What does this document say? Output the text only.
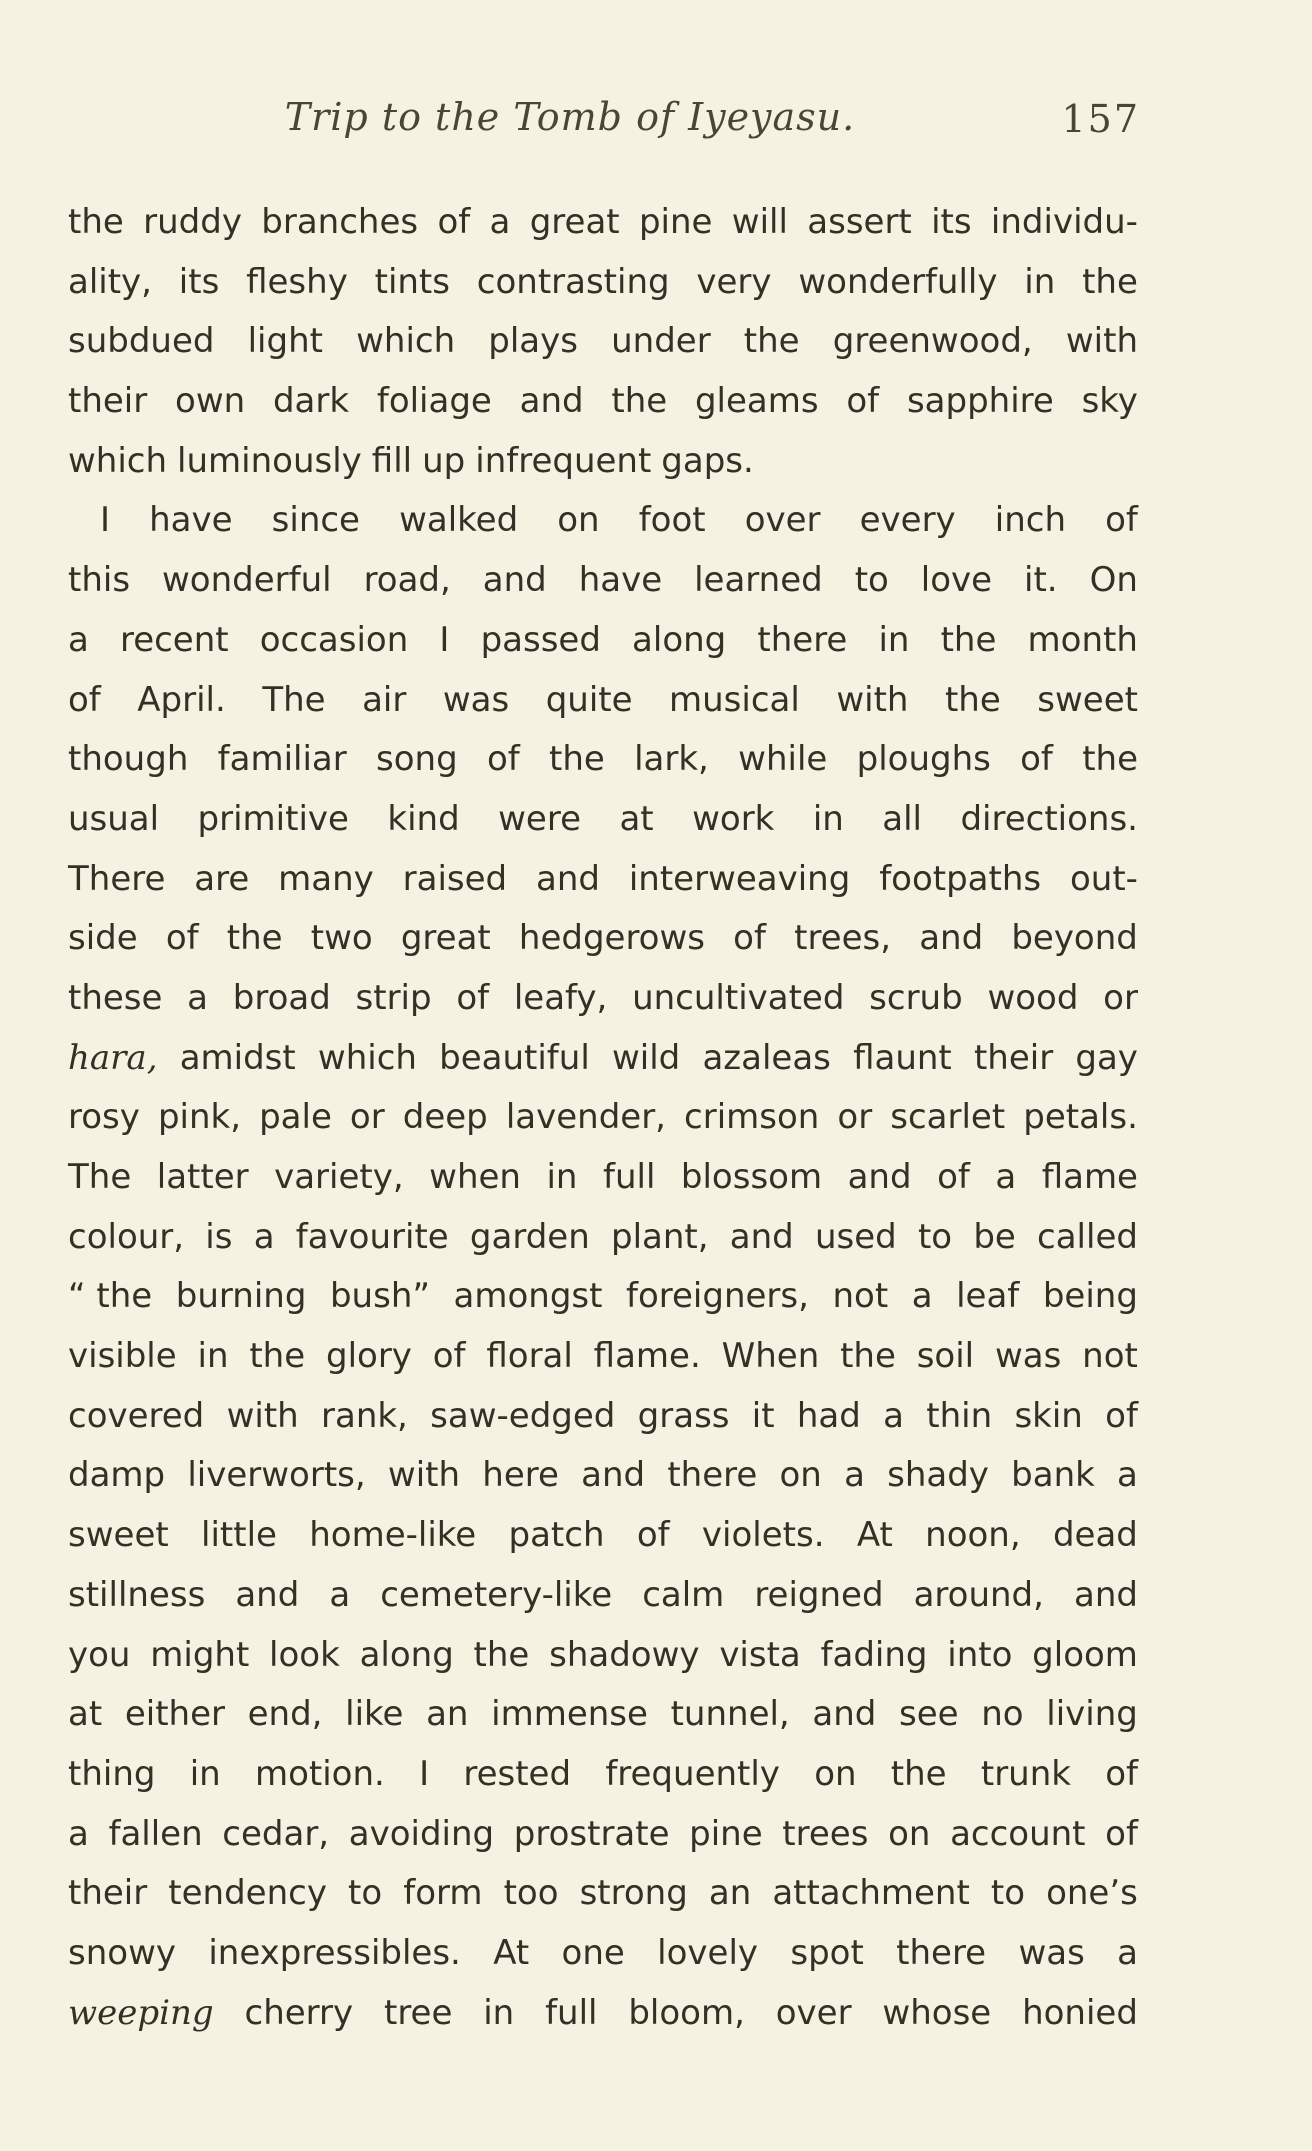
Trip to the Tomb of Iyeyasu.	157
the ruddy branches of a great pine will assert its individu-
ality, its fleshy tints contrasting very wonderfully in the
subdued light which plays under the greenwood, with
their own dark foliage and the gleams of sapphire sky
which luminously fill up infrequent gaps.
I have since walked on foot over every inch of
this wonderful road, and have learned to love it. On
a recent occasion I passed along there in the month
of April. The air was quite musical with the sweet
though familiar song of the lark, while ploughs of the
usual primitive kind were at work in all directions.
There are many raised and interweaving footpaths out-
side of the two great hedgerows of trees, and beyond
these a broad strip of leafy, uncultivated scrub wood or
hara, amidst which beautiful wild azaleas flaunt their gay
rosy pink, pale or deep lavender, crimson or scarlet petals.
The latter variety, when in full blossom and of a flame
colour, is a favourite garden plant, and used to be called
“ the burning bush” amongst foreigners, not a leaf being
visible in the glory of floral flame. When the soil was not
covered with rank, saw-edged grass it had a thin skin of
damp liverworts, with here and there on a shady bank a
sweet little home-like patch of violets. At noon, dead
stillness and a cemetery-like calm reigned around, and
you might look along the shadowy vista fading into gloom
at either end, like an immense tunnel, and see no living
thing in motion. I rested frequently on the trunk of
a fallen cedar, avoiding prostrate pine trees on account of
their tendency to form too strong an attachment to one’s
snowy inexpressibles. At one lovely spot there was a
weeping cherry tree in full bloom, over whose honied
